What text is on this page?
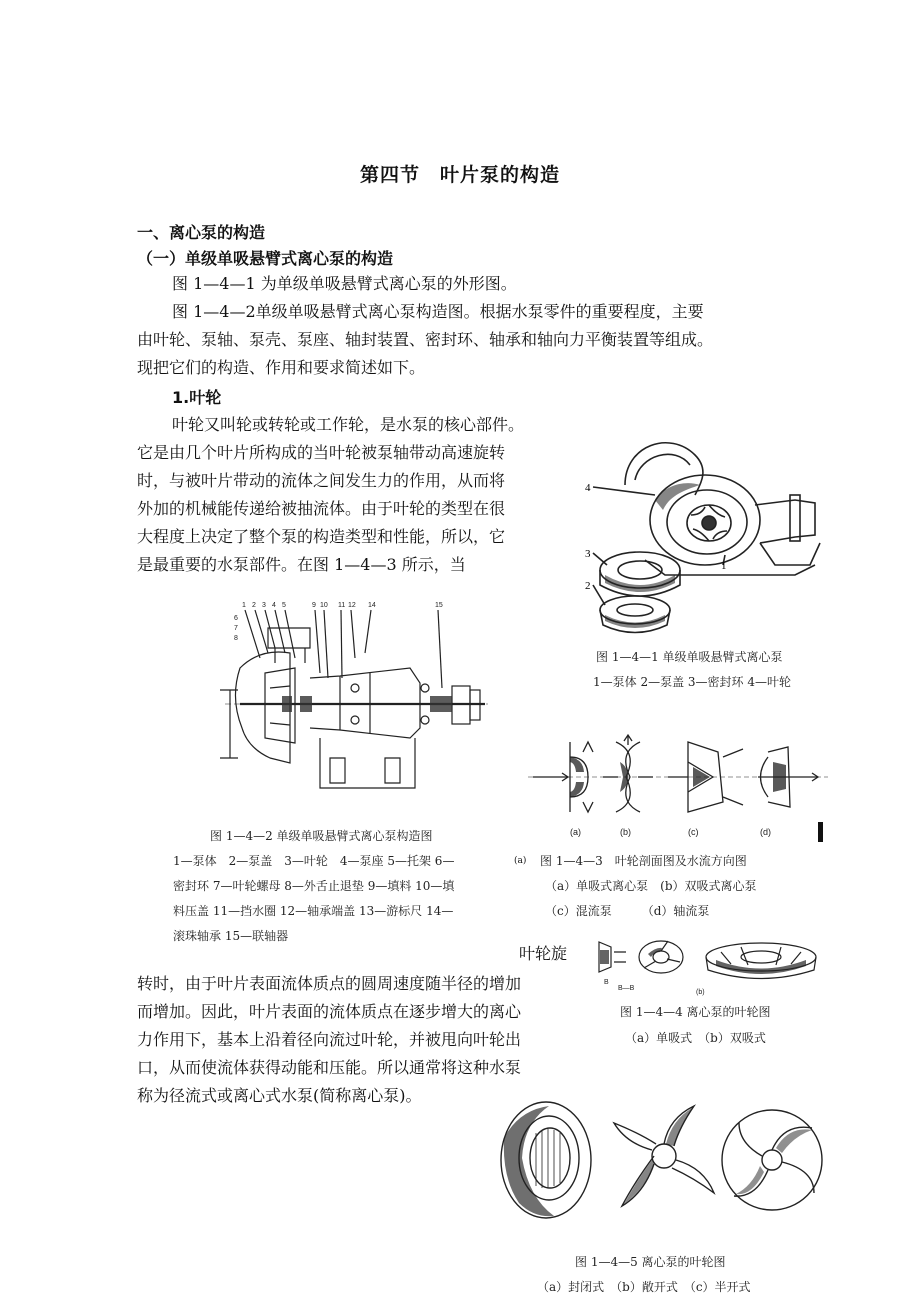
第四节　叶片泵的构造
一、离心泵的构造
（一）单级单吸悬臂式离心泵的构造
图 1—4—1 为单级单吸悬臂式离心泵的外形图。
图 1—4—2单级单吸悬臂式离心泵构造图。根据水泵零件的重要程度，主要
由叶轮、泵轴、泵壳、泵座、轴封装置、密封环、轴承和轴向力平衡装置等组成。
现把它们的构造、作用和要求简述如下。
1.叶轮
叶轮又叫轮或转轮或工作轮，是水泵的核心部件。
它是由几个叶片所构成的当叶轮被泵轴带动高速旋转
时，与被叶片带动的流体之间发生力的作用，从而将
外加的机械能传递给被抽流体。由于叶轮的类型在很
大程度上决定了整个泵的构造类型和性能，所以，它
是最重要的水泵部件。在图 1—4—3 所示，当
叶轮旋
转时，由于叶片表面流体质点的圆周速度随半径的增加
而增加。因此，叶片表面的流体质点在逐步增大的离心
力作用下，基本上沿着径向流过叶轮，并被甩向叶轮出
口，从而使流体获得动能和压能。所以通常将这种水泵
称为径流式或离心式水泵(简称离心泵)。
4
3
2
1
图 1—4—1 单级单吸悬臂式离心泵
1—泵体 2—泵盖 3—密封环 4—叶轮
1 2 3 4 5	9 10 11 12 14	15
6
7
8
图 1—4—2 单级单吸悬臂式离心泵构造图
1—泵体　2—泵盖　3—叶轮　4—泵座 5—托架 6—
密封环 7—叶轮螺母 8—外舌止退垫 9—填料 10—填
料压盖 11—挡水圈 12—轴承端盖 13—游标尺 14—
滚珠轴承 15—联轴器
(a)	(b)	(c)	(d)
(a) 图 1—4—3　叶轮剖面图及水流方向图
（a）单吸式离心泵　(b）双吸式离心泵
（c）混流泵　　　（d）轴流泵
B
B—B
(b)
图 1—4—4 离心泵的叶轮图
（a）单吸式　（b）双吸式
图 1—4—5 离心泵的叶轮图
（a）封闭式　（b）敞开式　（c）半开式
